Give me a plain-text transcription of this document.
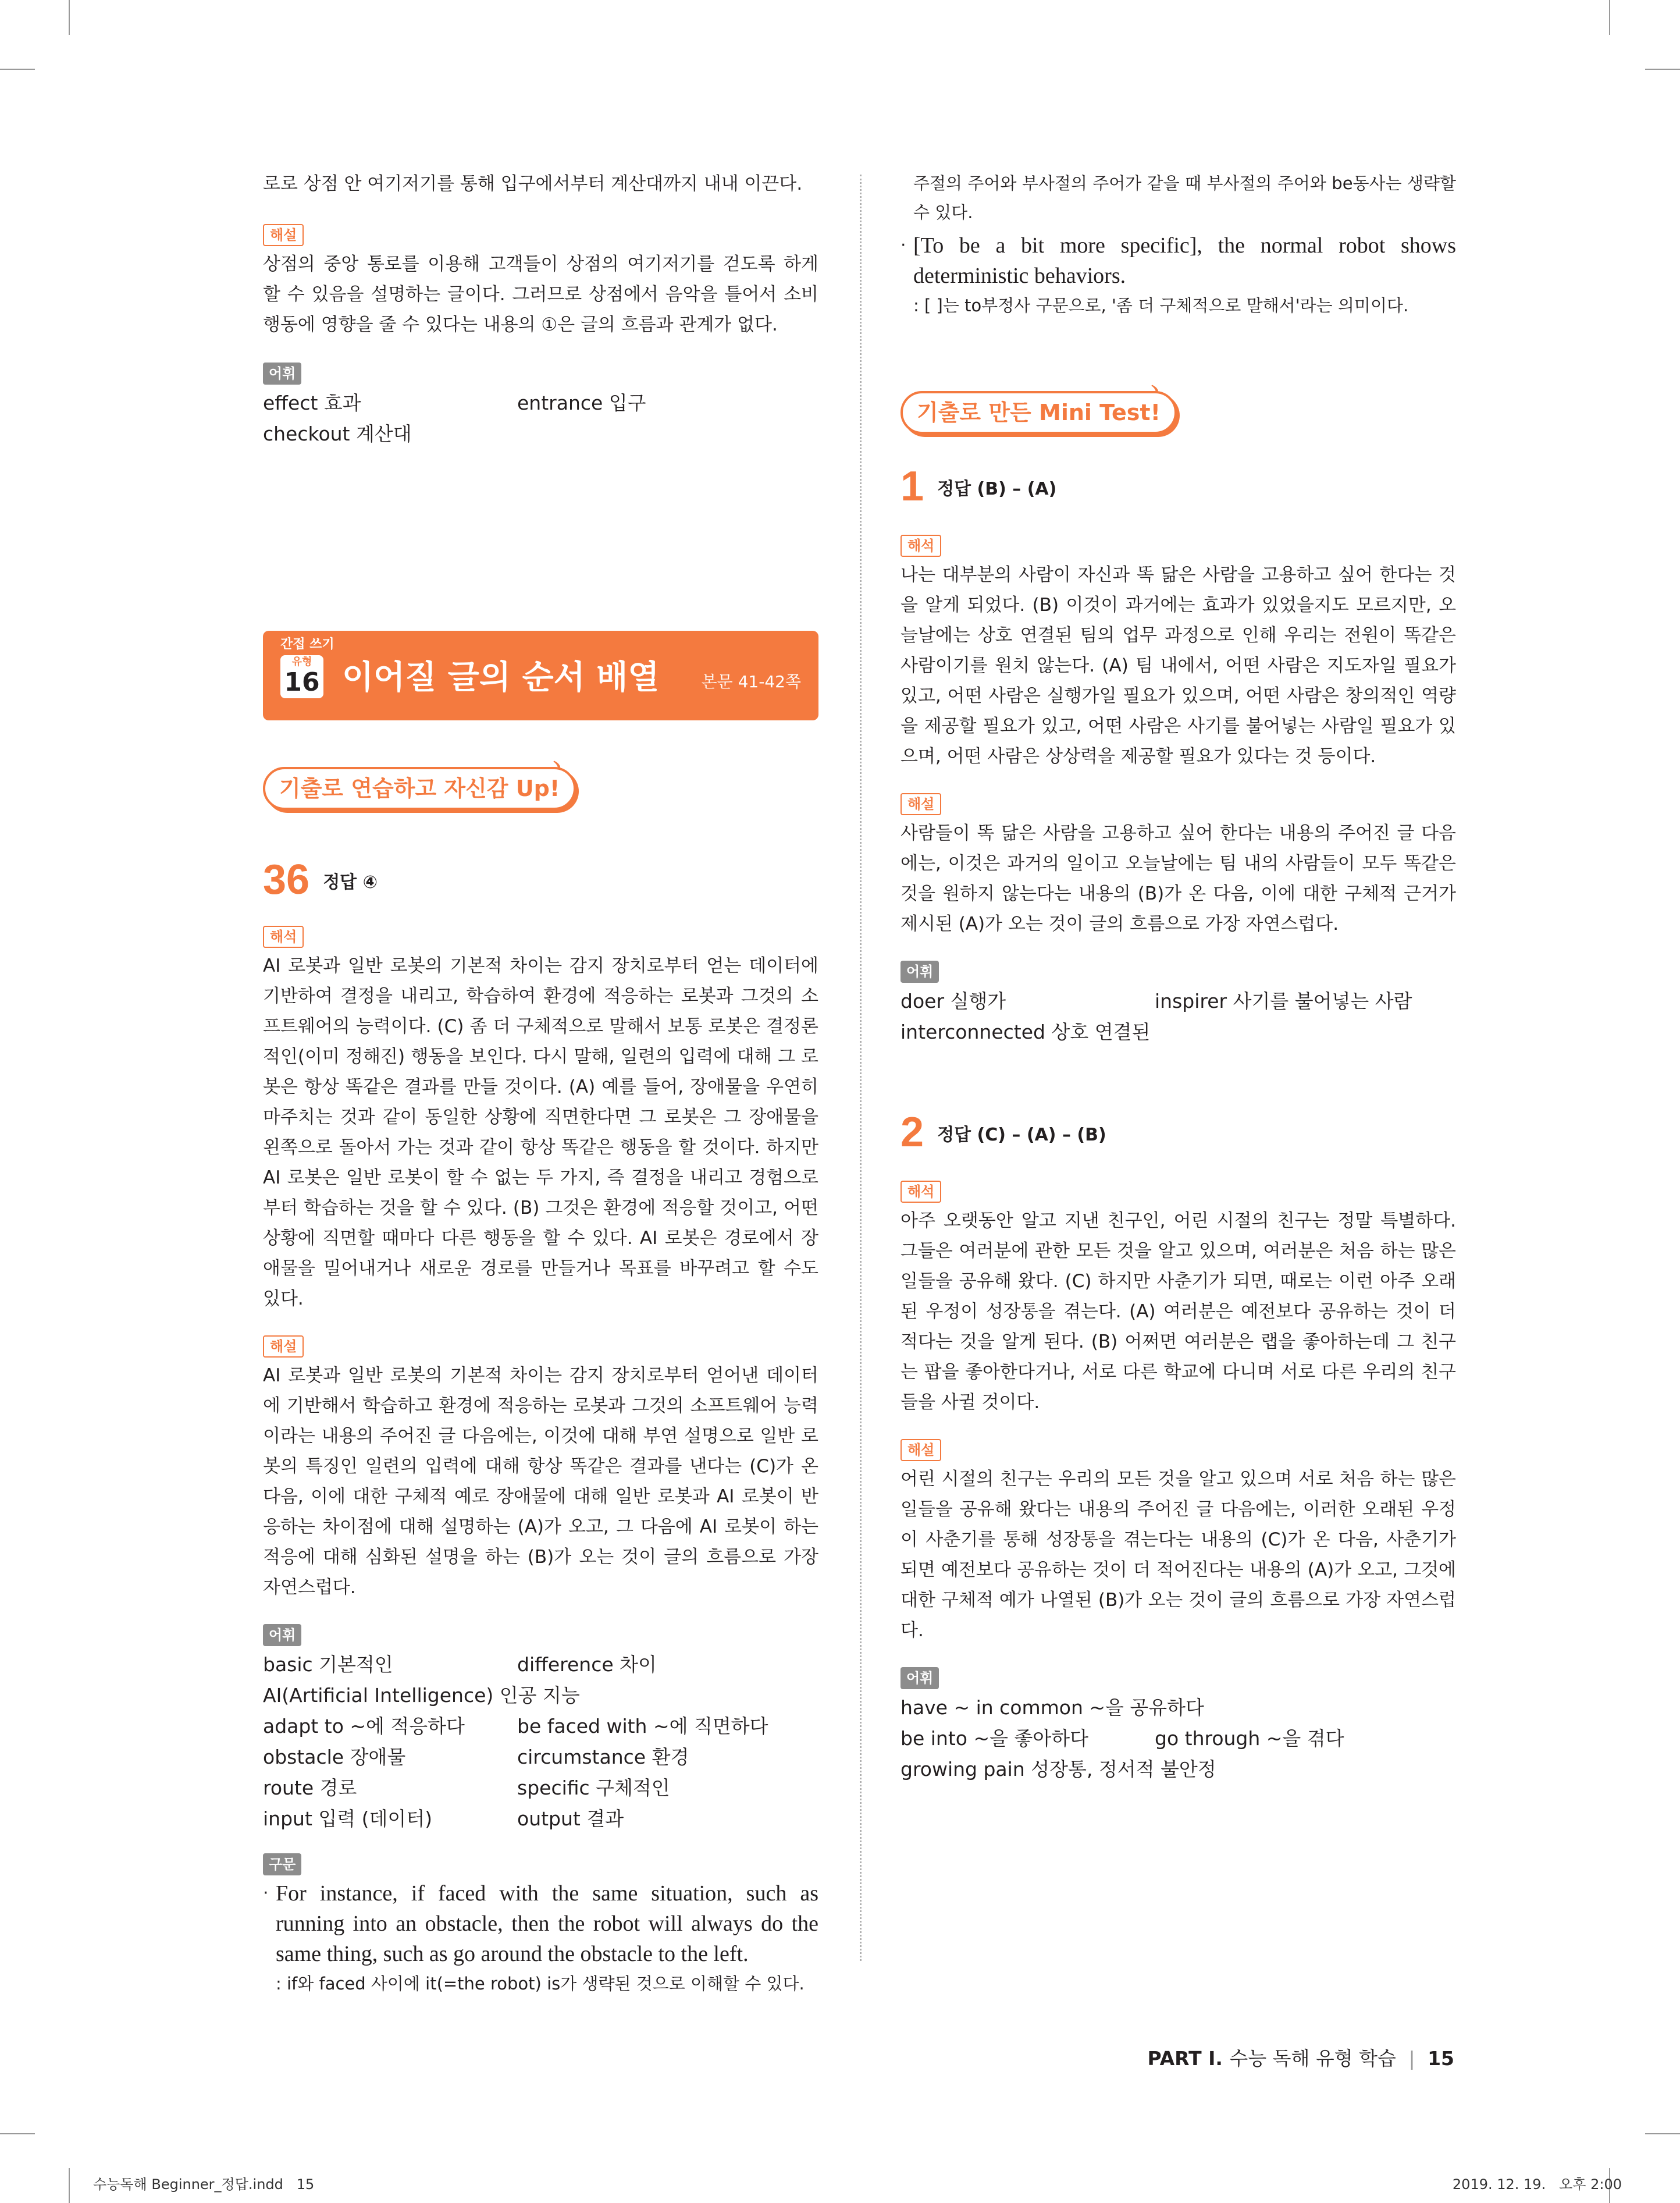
로로 상점 안 여기저기를 통해 입구에서부터 계산대까지 내내 이끈다.

해설

상점의 중앙 통로를 이용해 고객들이 상점의 여기저기를 걷도록 하게 할 수 있음을 설명하는 글이다. 그러므로 상점에서 음악을 틀어서 소비 행동에 영향을 줄 수 있다는 내용의 ①은 글의 흐름과 관계가 없다.

어휘
effect 효과	entrance 입구
checkout 계산대
간접 쓰기
유형
16 이어질 글의 순서 배열	본문 41-42쪽
기출로 연습하고 자신감 Up!
ヽ
36 정답 ④
해석

AI 로봇과 일반 로봇의 기본적 차이는 감지 장치로부터 얻는 데이터에 기반하여 결정을 내리고, 학습하여 환경에 적응하는 로봇과 그것의 소프트웨어의 능력이다. (C) 좀 더 구체적으로 말해서 보통 로봇은 결정론적인(이미 정해진) 행동을 보인다. 다시 말해, 일련의 입력에 대해 그 로봇은 항상 똑같은 결과를 만들 것이다. (A) 예를 들어, 장애물을 우연히 마주치는 것과 같이 동일한 상황에 직면한다면 그 로봇은 그 장애물을 왼쪽으로 돌아서 가는 것과 같이 항상 똑같은 행동을 할 것이다. 하지만 AI 로봇은 일반 로봇이 할 수 없는 두 가지, 즉 결정을 내리고 경험으로부터 학습하는 것을 할 수 있다. (B) 그것은 환경에 적응할 것이고, 어떤 상황에 직면할 때마다 다른 행동을 할 수 있다. AI 로봇은 경로에서 장애물을 밀어내거나 새로운 경로를 만들거나 목표를 바꾸려고 할 수도 있다.

해설

AI 로봇과 일반 로봇의 기본적 차이는 감지 장치로부터 얻어낸 데이터에 기반해서 학습하고 환경에 적응하는 로봇과 그것의 소프트웨어 능력이라는 내용의 주어진 글 다음에는, 이것에 대해 부연 설명으로 일반 로봇의 특징인 일련의 입력에 대해 항상 똑같은 결과를 낸다는 (C)가 온 다음, 이에 대한 구체적 예로 장애물에 대해 일반 로봇과 AI 로봇이 반응하는 차이점에 대해 설명하는 (A)가 오고, 그 다음에 AI 로봇이 하는 적응에 대해 심화된 설명을 하는 (B)가 오는 것이 글의 흐름으로 가장 자연스럽다.

어휘
basic 기본적인	difference 차이
AI(Artificial Intelligence) 인공 지능
adapt to ~에 적응하다	be faced with ~에 직면하다
obstacle 장애물	circumstance 환경
route 경로	specific 구체적인
input 입력 (데이터)	output 결과
구문
· For instance, if faced with the same situation, such as running into an obstacle, then the robot will always do the same thing, such as go around the obstacle to the left.

: if와 faced 사이에 it(=the robot) is가 생략된 것으로 이해할 수 있다.

주절의 주어와 부사절의 주어가 같을 때 부사절의 주어와 be동사는 생략할 수 있다.

· [To be a bit more specific], the normal robot shows deterministic behaviors.

: [ ]는 to부정사 구문으로, '좀 더 구체적으로 말해서'라는 의미이다.

기출로 만든 Mini Test!
ヽ
1 정답 (B) – (A)
해석

나는 대부분의 사람이 자신과 똑 닮은 사람을 고용하고 싶어 한다는 것을 알게 되었다. (B) 이것이 과거에는 효과가 있었을지도 모르지만, 오늘날에는 상호 연결된 팀의 업무 과정으로 인해 우리는 전원이 똑같은 사람이기를 원치 않는다. (A) 팀 내에서, 어떤 사람은 지도자일 필요가 있고, 어떤 사람은 실행가일 필요가 있으며, 어떤 사람은 창의적인 역량을 제공할 필요가 있고, 어떤 사람은 사기를 불어넣는 사람일 필요가 있으며, 어떤 사람은 상상력을 제공할 필요가 있다는 것 등이다.

해설

사람들이 똑 닮은 사람을 고용하고 싶어 한다는 내용의 주어진 글 다음에는, 이것은 과거의 일이고 오늘날에는 팀 내의 사람들이 모두 똑같은 것을 원하지 않는다는 내용의 (B)가 온 다음, 이에 대한 구체적 근거가 제시된 (A)가 오는 것이 글의 흐름으로 가장 자연스럽다.

어휘
doer 실행가	inspirer 사기를 불어넣는 사람
interconnected 상호 연결된
2 정답 (C) – (A) – (B)
해석

아주 오랫동안 알고 지낸 친구인, 어린 시절의 친구는 정말 특별하다. 그들은 여러분에 관한 모든 것을 알고 있으며, 여러분은 처음 하는 많은 일들을 공유해 왔다. (C) 하지만 사춘기가 되면, 때로는 이런 아주 오래된 우정이 성장통을 겪는다. (A) 여러분은 예전보다 공유하는 것이 더 적다는 것을 알게 된다. (B) 어쩌면 여러분은 랩을 좋아하는데 그 친구는 팝을 좋아한다거나, 서로 다른 학교에 다니며 서로 다른 우리의 친구들을 사귈 것이다.

해설

어린 시절의 친구는 우리의 모든 것을 알고 있으며 서로 처음 하는 많은 일들을 공유해 왔다는 내용의 주어진 글 다음에는, 이러한 오래된 우정이 사춘기를 통해 성장통을 겪는다는 내용의 (C)가 온 다음, 사춘기가 되면 예전보다 공유하는 것이 더 적어진다는 내용의 (A)가 오고, 그것에 대한 구체적 예가 나열된 (B)가 오는 것이 글의 흐름으로 가장 자연스럽다.

어휘
have ~ in common ~을 공유하다
be into ~을 좋아하다	go through ~을 겪다
growing pain 성장통, 정서적 불안정
PART I. 수능 독해 유형 학습 | 15
수능독해 Beginner_정답.indd   15	2019. 12. 19.   오후 2:00
